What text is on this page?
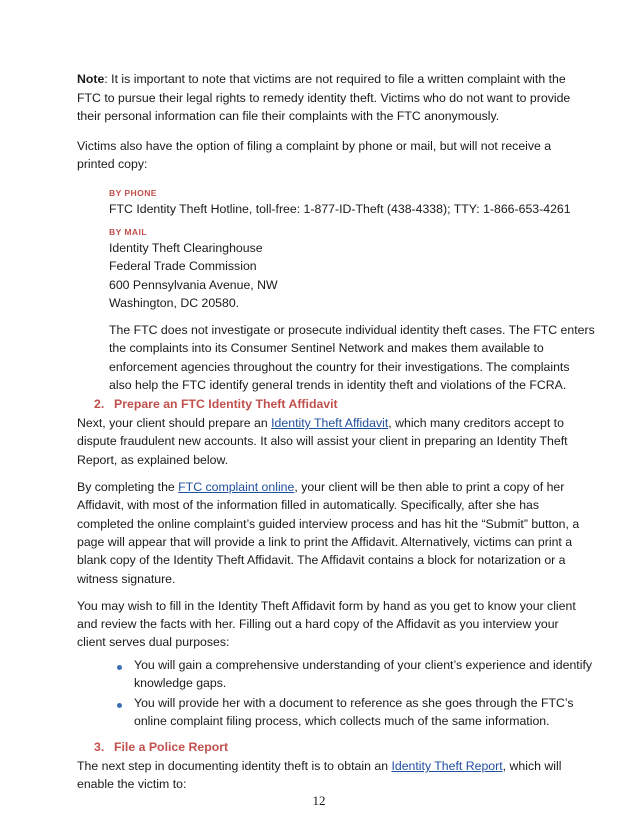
Note: It is important to note that victims are not required to file a written complaint with the
FTC to pursue their legal rights to remedy identity theft. Victims who do not want to provide
their personal information can file their complaints with the FTC anonymously.
Victims also have the option of filing a complaint by phone or mail, but will not receive a
printed copy:
BY PHONE
FTC Identity Theft Hotline, toll-free: 1-877-ID-Theft (438-4338); TTY: 1-866-653-4261
BY MAIL
Identity Theft Clearinghouse
Federal Trade Commission
600 Pennsylvania Avenue, NW
Washington, DC 20580.
The FTC does not investigate or prosecute individual identity theft cases. The FTC enters
the complaints into its Consumer Sentinel Network and makes them available to
enforcement agencies throughout the country for their investigations. The complaints
also help the FTC identify general trends in identity theft and violations of the FCRA.
2. Prepare an FTC Identity Theft Affidavit
Next, your client should prepare an Identity Theft Affidavit, which many creditors accept to
dispute fraudulent new accounts. It also will assist your client in preparing an Identity Theft
Report, as explained below.
By completing the FTC complaint online, your client will be then able to print a copy of her
Affidavit, with most of the information filled in automatically. Specifically, after she has
completed the online complaint’s guided interview process and has hit the “Submit” button, a
page will appear that will provide a link to print the Affidavit. Alternatively, victims can print a
blank copy of the Identity Theft Affidavit. The Affidavit contains a block for notarization or a
witness signature.
You may wish to fill in the Identity Theft Affidavit form by hand as you get to know your client
and review the facts with her. Filling out a hard copy of the Affidavit as you interview your
client serves dual purposes:
You will gain a comprehensive understanding of your client’s experience and identify
knowledge gaps.
You will provide her with a document to reference as she goes through the FTC’s
online complaint filing process, which collects much of the same information.
3. File a Police Report
The next step in documenting identity theft is to obtain an Identity Theft Report, which will
enable the victim to:
12
